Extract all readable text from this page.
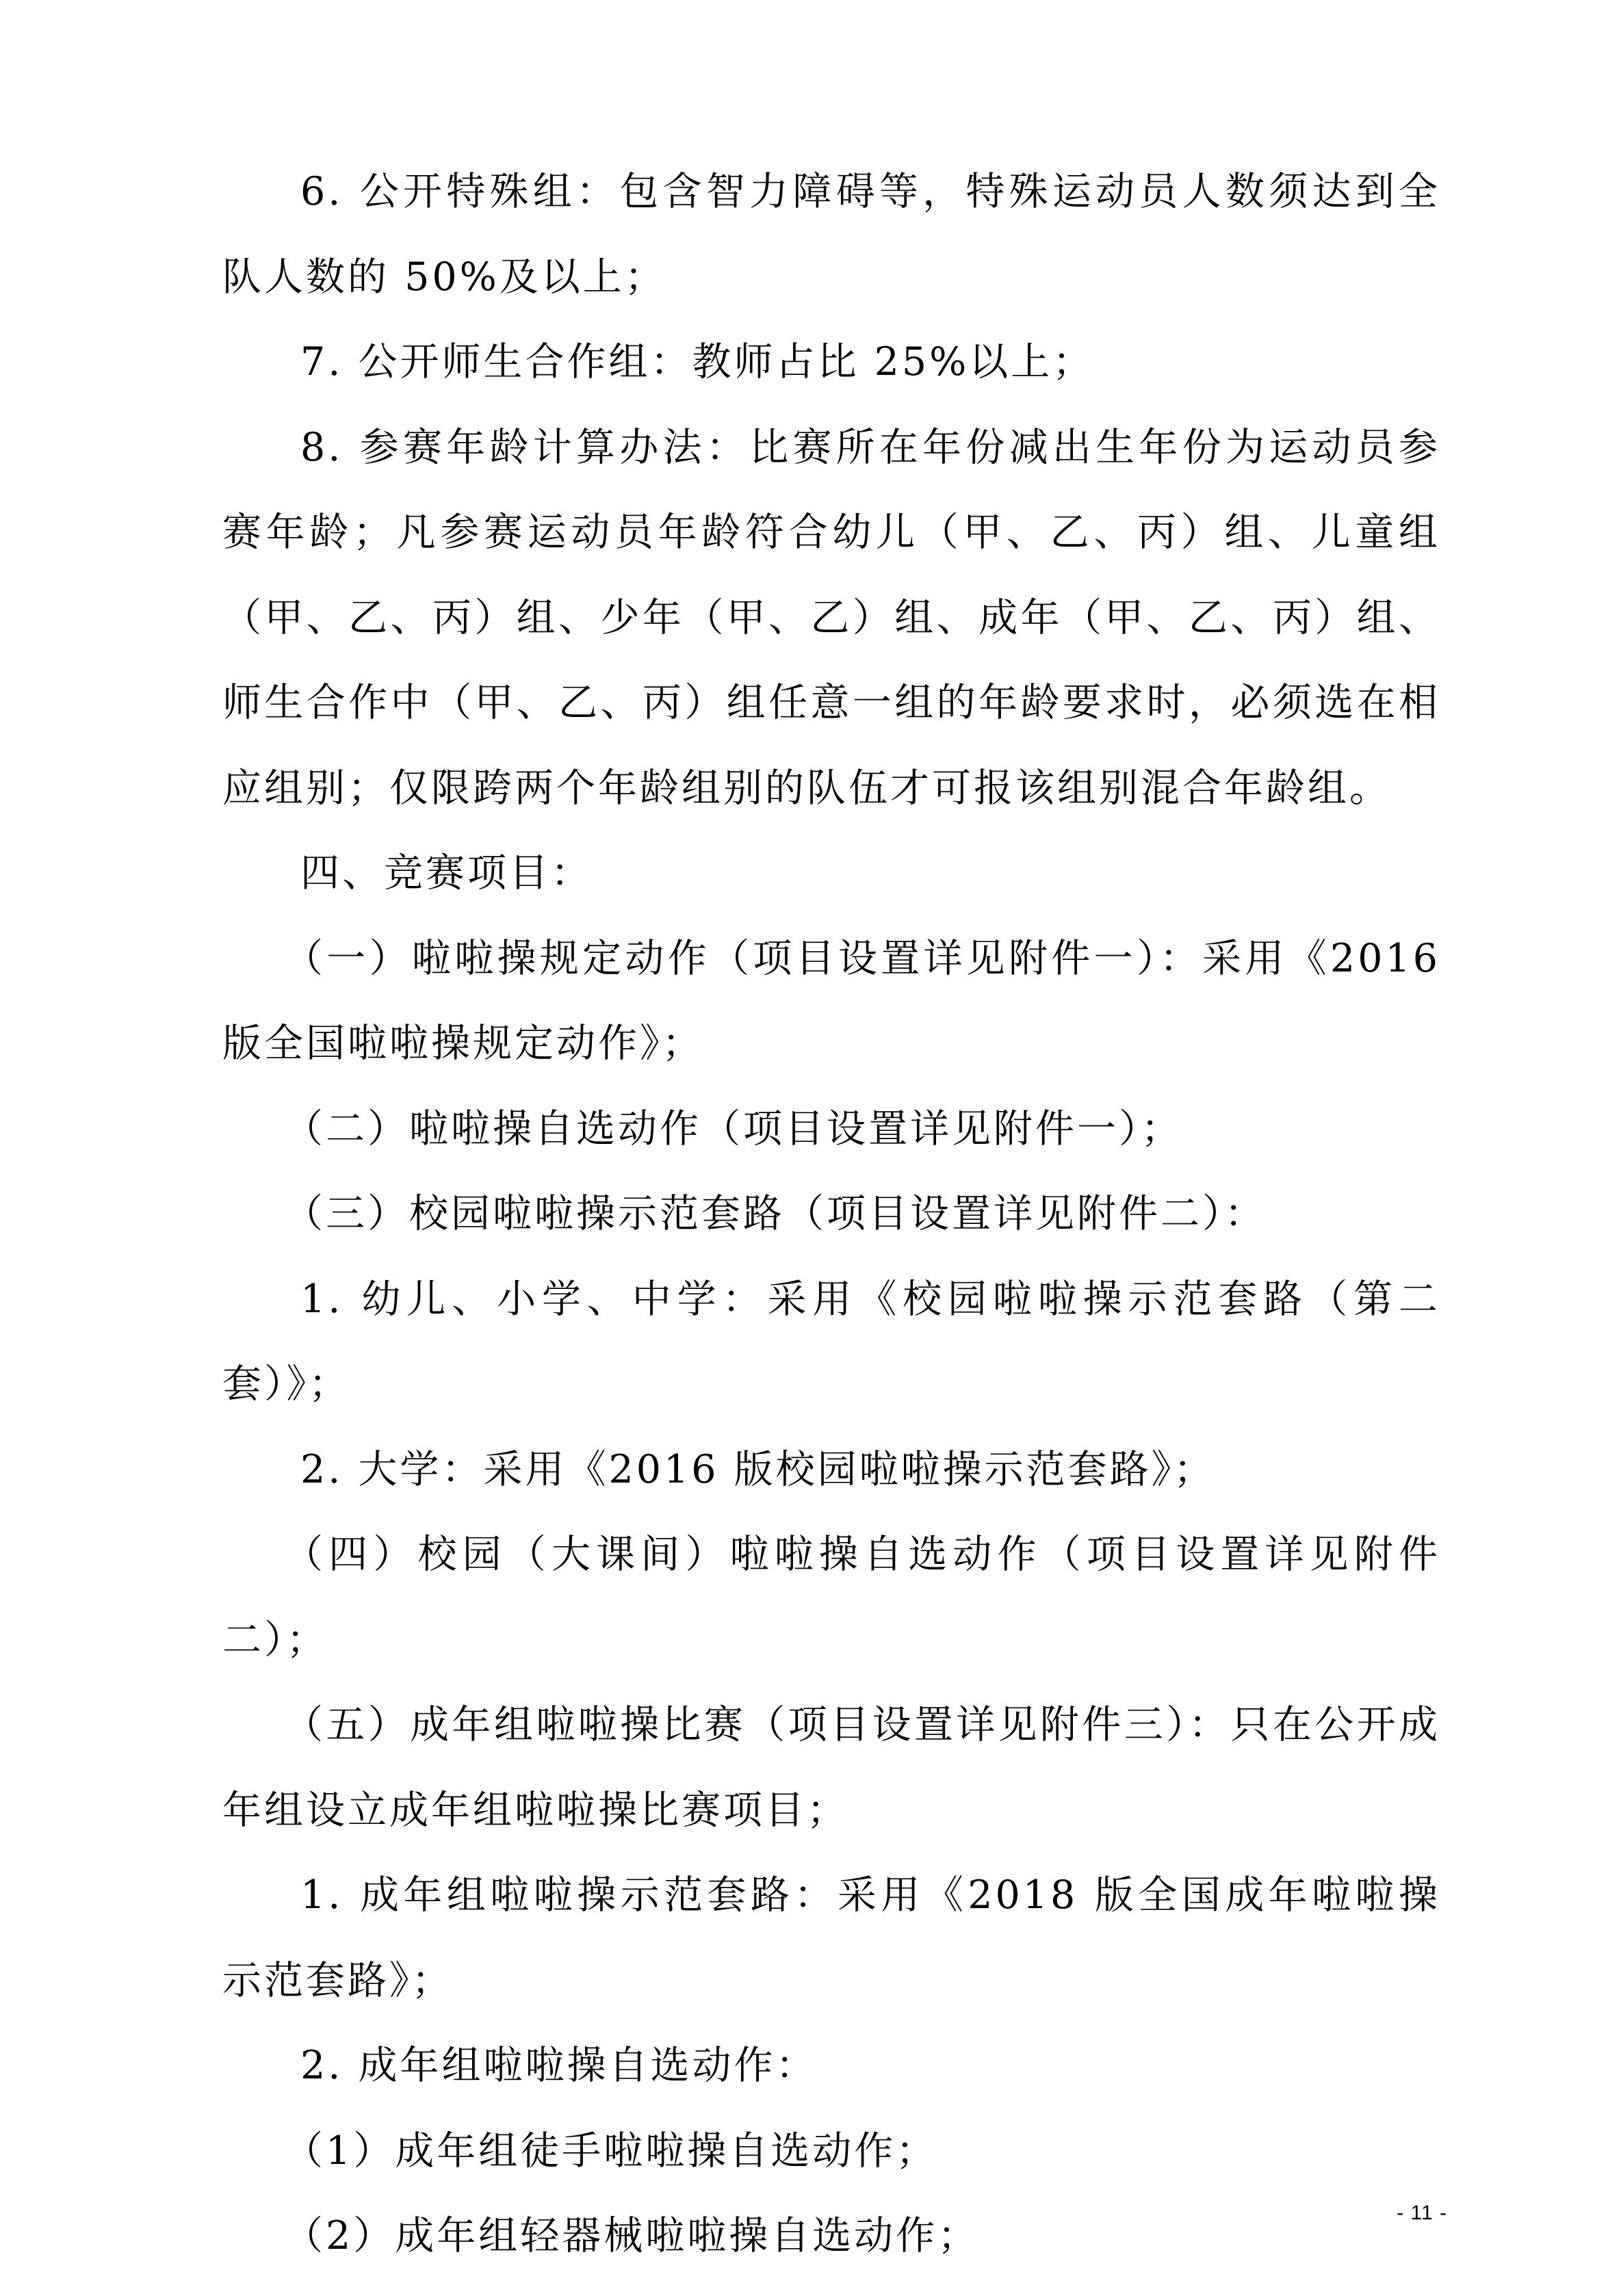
6. 公开特殊组：包含智力障碍等，特殊运动员人数须达到全队人数的 50%及以上；

7. 公开师生合作组：教师占比 25%以上；

8. 参赛年龄计算办法：比赛所在年份减出生年份为运动员参赛年龄；凡参赛运动员年龄符合幼儿（甲、乙、丙）组、儿童组（甲、乙、丙）组、少年（甲、乙）组、成年（甲、乙、丙）组、师生合作中（甲、乙、丙）组任意一组的年龄要求时，必须选在相应组别；仅限跨两个年龄组别的队伍才可报该组别混合年龄组。

四、竞赛项目：

（一）啦啦操规定动作（项目设置详见附件一）：采用《2016版全国啦啦操规定动作》；

（二）啦啦操自选动作（项目设置详见附件一）；

（三）校园啦啦操示范套路（项目设置详见附件二）：

1. 幼儿、小学、中学：采用《校园啦啦操示范套路（第二套）》；

2. 大学：采用《2016 版校园啦啦操示范套路》；

（四）校园（大课间）啦啦操自选动作（项目设置详见附件二）；

（五）成年组啦啦操比赛（项目设置详见附件三）：只在公开成年组设立成年组啦啦操比赛项目；

1. 成年组啦啦操示范套路：采用《2018 版全国成年啦啦操示范套路》；

2. 成年组啦啦操自选动作：

（1）成年组徒手啦啦操自选动作；

（2）成年组轻器械啦啦操自选动作；

- 11 -
